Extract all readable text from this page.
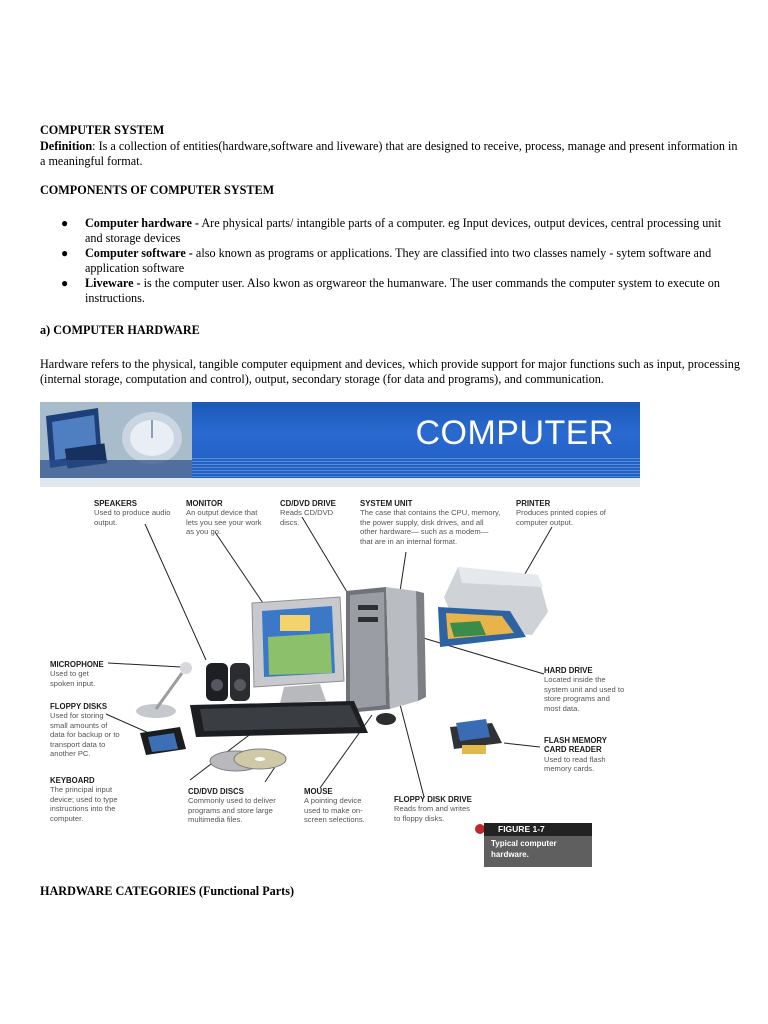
COMPUTER SYSTEM
Definition: Is a collection of entities(hardware,software and liveware) that are designed to receive, process, manage and present information in a meaningful format.
COMPONENTS OF COMPUTER SYSTEM
● Computer hardware - Are physical parts/ intangible parts of a computer. eg Input devices, output devices, central processing unit and storage devices
● Computer software - also known as programs or applications. They are classified into two classes namely - sytem software and application software
● Liveware - is the computer user. Also kwon as orgwareor the humanware. The user commands the computer system to execute on instructions.
a) COMPUTER HARDWARE
Hardware refers to the physical, tangible computer equipment and devices, which provide support for major functions such as input, processing (internal storage, computation and control), output, secondary storage (for data and programs), and communication.
COMPUTER
SPEAKERS
Used to produce audio output.
MONITOR
An output device that lets you see your work as you go.
CD/DVD DRIVE
Reads CD/DVD discs.
SYSTEM UNIT
The case that contains the CPU, memory, the power supply, disk drives, and all other hardware— such as a modem— that are in an internal format.
PRINTER
Produces printed copies of computer output.
MICROPHONE
Used to get spoken input.
HARD DRIVE
Located inside the system unit and used to store programs and most data.
FLOPPY DISKS
Used for storing small amounts of data for backup or to transport data to another PC.
FLASH MEMORY CARD READER
Used to read flash memory cards.
KEYBOARD
The principal input device; used to type instructions into the computer.
CD/DVD DISCS
Commonly used to deliver programs and store large multimedia files.
MOUSE
A pointing device used to make on-screen selections.
FLOPPY DISK DRIVE
Reads from and writes to floppy disks.
FIGURE 1-7
Typical computer hardware.
HARDWARE CATEGORIES (Functional Parts)
